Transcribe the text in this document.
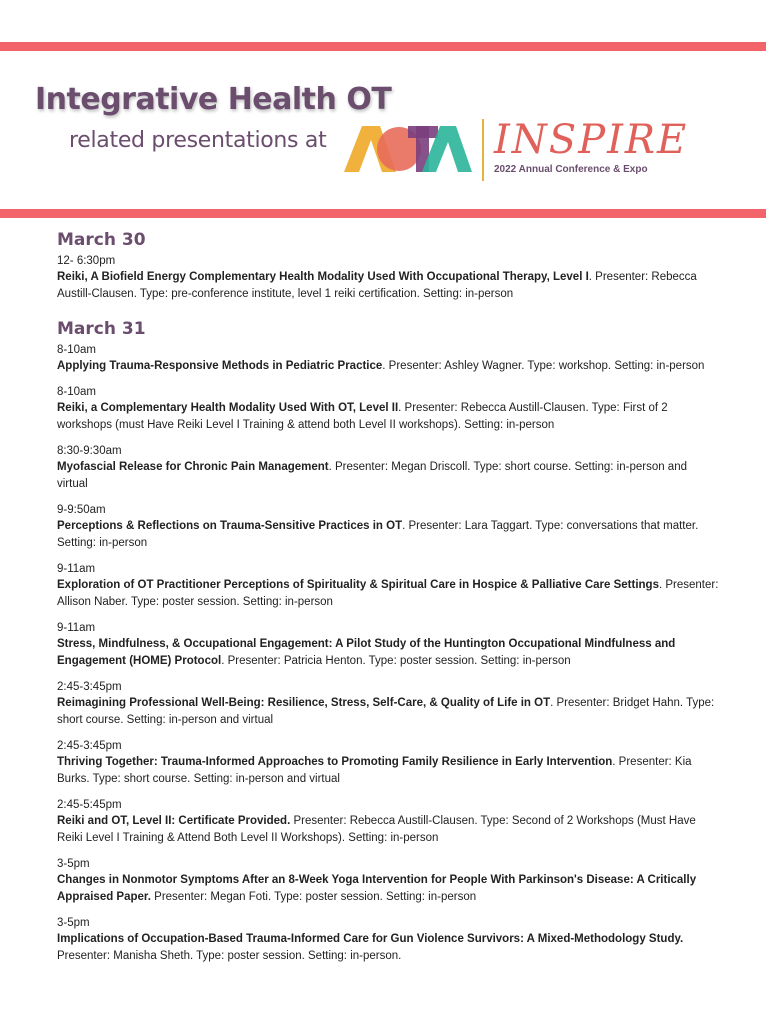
Integrative Health OT
related presentations at	INSPIRE
2022 Annual Conference & Expo
March 30
12- 6:30pm
Reiki, A Biofield Energy Complementary Health Modality Used With Occupational Therapy, Level I. Presenter: Rebecca Austill-Clausen. Type: pre-conference institute, level 1 reiki certification. Setting: in-person
March 31
8-10am
Applying Trauma-Responsive Methods in Pediatric Practice. Presenter: Ashley Wagner. Type: workshop. Setting: in-person
8-10am
Reiki, a Complementary Health Modality Used With OT, Level II. Presenter: Rebecca Austill-Clausen. Type: First of 2 workshops (must Have Reiki Level I Training & attend both Level II workshops). Setting: in-person
8:30-9:30am
Myofascial Release for Chronic Pain Management. Presenter: Megan Driscoll. Type: short course. Setting: in-person and virtual
9-9:50am
Perceptions & Reflections on Trauma-Sensitive Practices in OT. Presenter: Lara Taggart. Type: conversations that matter. Setting: in-person
9-11am
Exploration of OT Practitioner Perceptions of Spirituality & Spiritual Care in Hospice & Palliative Care Settings. Presenter: Allison Naber. Type: poster session. Setting: in-person
9-11am
Stress, Mindfulness, & Occupational Engagement: A Pilot Study of the Huntington Occupational Mindfulness and Engagement (HOME) Protocol. Presenter: Patricia Henton. Type: poster session. Setting: in-person
2:45-3:45pm
Reimagining Professional Well-Being: Resilience, Stress, Self-Care, & Quality of Life in OT. Presenter: Bridget Hahn. Type: short course. Setting: in-person and virtual
2:45-3:45pm
Thriving Together: Trauma-Informed Approaches to Promoting Family Resilience in Early Intervention. Presenter: Kia Burks. Type: short course. Setting: in-person and virtual
2:45-5:45pm
Reiki and OT, Level II: Certificate Provided. Presenter: Rebecca Austill-Clausen. Type: Second of 2 Workshops (Must Have Reiki Level I Training & Attend Both Level II Workshops). Setting: in-person
3-5pm
Changes in Nonmotor Symptoms After an 8-Week Yoga Intervention for People With Parkinson's Disease: A Critically Appraised Paper. Presenter: Megan Foti. Type: poster session. Setting: in-person
3-5pm
Implications of Occupation-Based Trauma-Informed Care for Gun Violence Survivors: A Mixed-Methodology Study. Presenter: Manisha Sheth. Type: poster session. Setting: in-person.
